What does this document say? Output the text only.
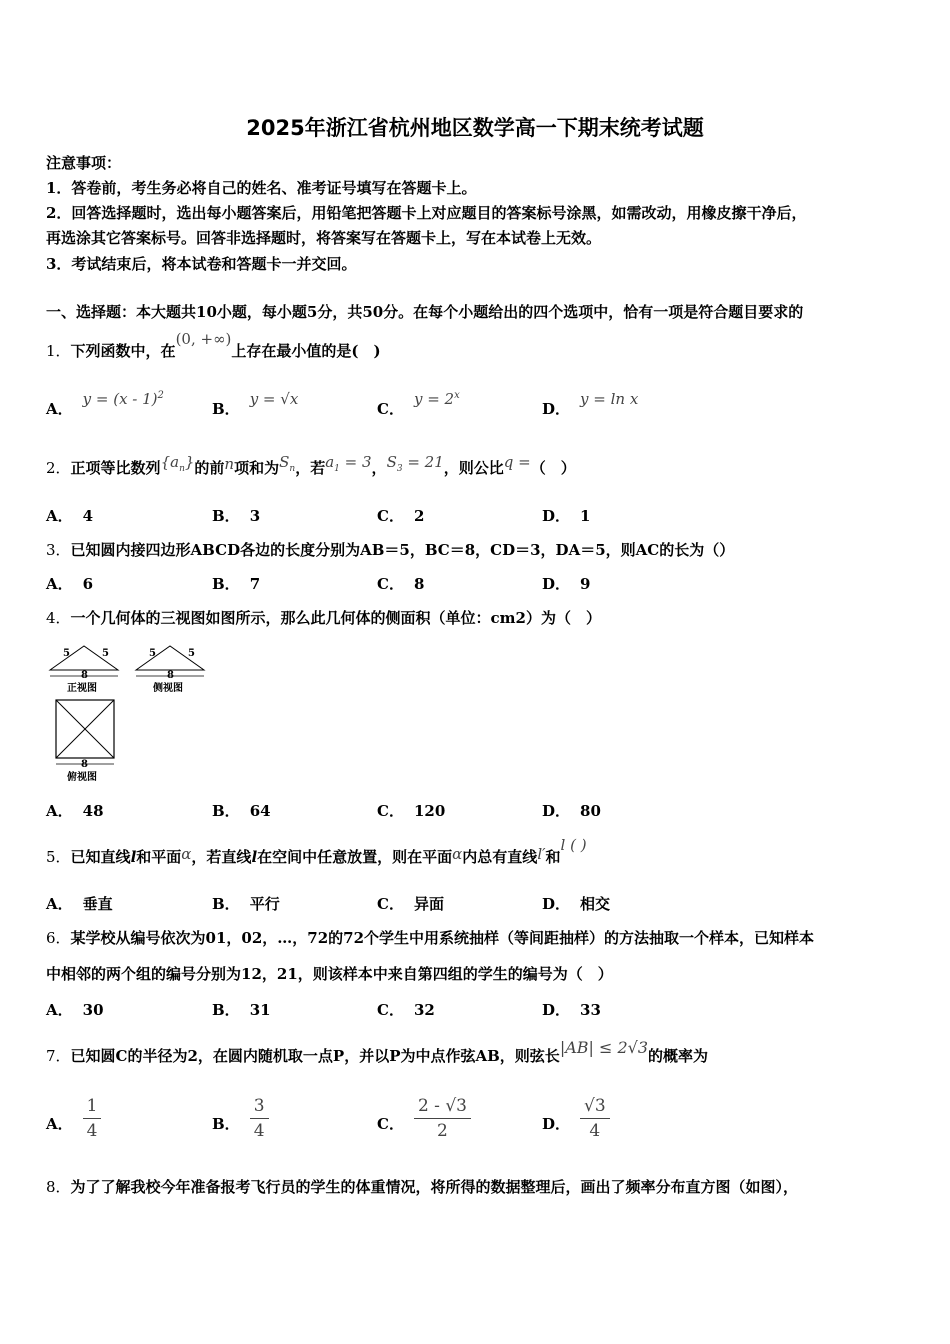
2025年浙江省杭州地区数学高一下期末统考试题
注意事项：
1．答卷前，考生务必将自己的姓名、准考证号填写在答题卡上。
2．回答选择题时，选出每小题答案后，用铅笔把答题卡上对应题目的答案标号涂黑，如需改动，用橡皮擦干净后，
再选涂其它答案标号。回答非选择题时，将答案写在答题卡上，写在本试卷上无效。
3．考试结束后，将本试卷和答题卡一并交回。
一、选择题：本大题共10小题，每小题5分，共50分。在每个小题给出的四个选项中，恰有一项是符合题目要求的
1．下列函数中，在(0, +∞)上存在最小值的是(　)
A．y = (x - 1)$^2$
B．y = √x
C．$y = 2^x$
D．y = ln x
2．正项等比数列$\{a_n\}$的前n项和为$S_n$，若$a_1 = 3$，$S_3 = 21$，则公比q =（　）
A． 4	B． 3	C． 2	D． 1
3．已知圆内接四边形ABCD各边的长度分别为AB＝5，BC＝8，CD＝3，DA＝5，则AC的长为（）
A． 6	B． 7	C． 8	D． 9
4．一个几何体的三视图如图所示，那么此几何体的侧面积（单位：cm2）为（　）
5	5
8
正视图
5	5
8
侧视图
8
俯视图
A． 48	B． 64	C． 120	D． 80
5．已知直线l和平面α，若直线l在空间中任意放置，则在平面α内总有直线l′和l ( )
A． 垂直	B． 平行	C． 异面	D． 相交
6．某学校从编号依次为01，02，…，72的72个学生中用系统抽样（等间距抽样）的方法抽取一个样本，已知样本
中相邻的两个组的编号分别为12，21，则该样本中来自第四组的学生的编号为（　）
A． 30	B． 31	C． 32	D． 33
7．已知圆C的半径为2，在圆内随机取一点P，并以P为中点作弦AB，则弦长|AB| ≤ 2√3的概率为
A． $\frac{1}{4}$	B． $\frac{3}{4}$	C． $\frac{2 - √3}{2}$	D． $\frac{√3}{4}$
8．为了了解我校今年准备报考飞行员的学生的体重情况，将所得的数据整理后，画出了频率分布直方图（如图），
